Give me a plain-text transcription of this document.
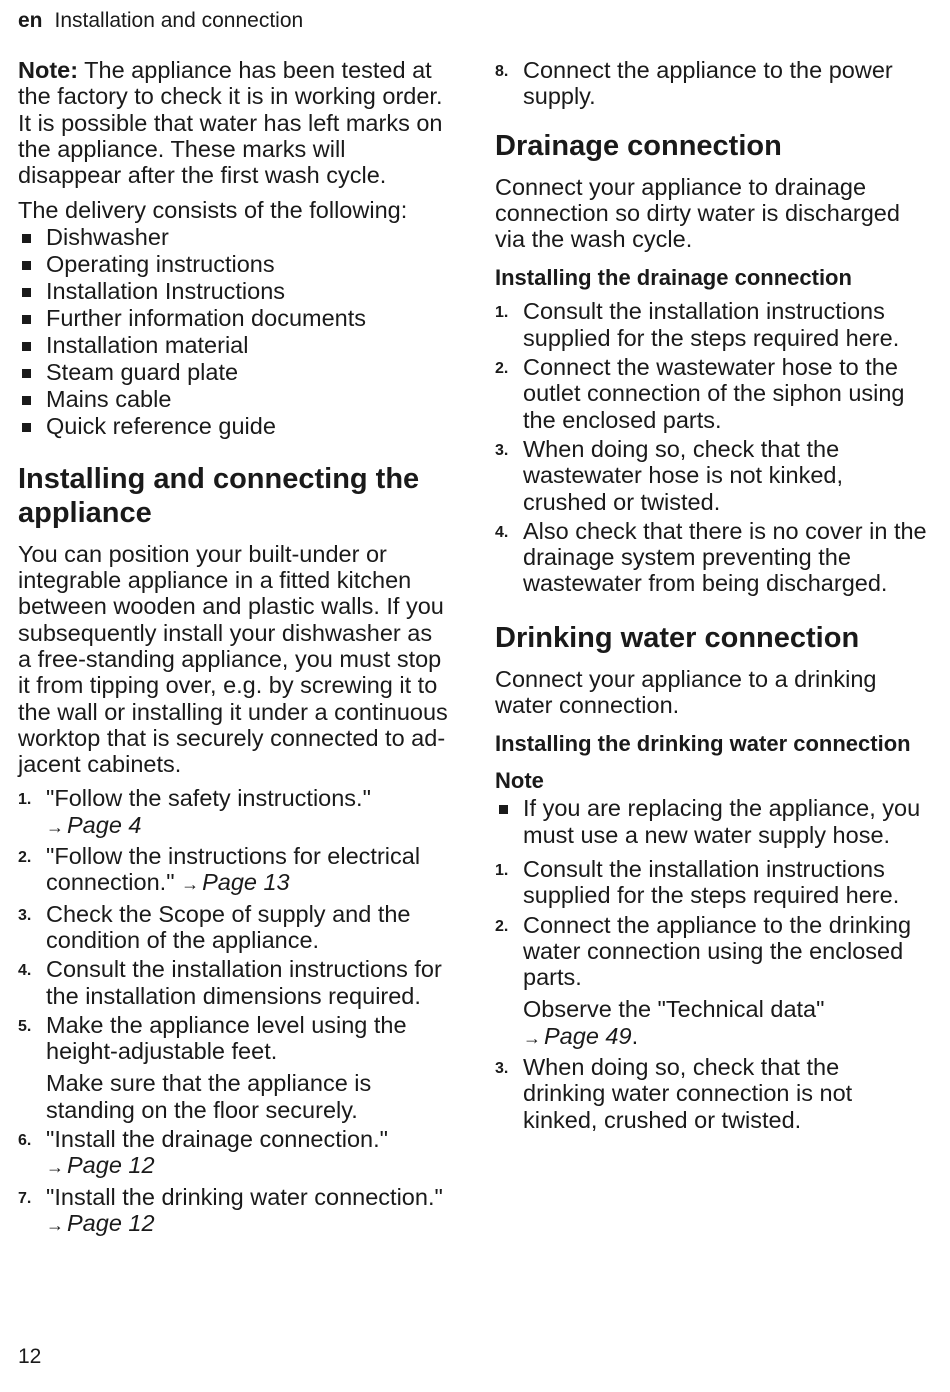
en Installation and connection

Note: The appliance has been tested at the factory to check it is in working order. It is possible that water has left marks on the appliance. These marks will disappear after the first wash cycle.

The delivery consists of the following:

Dishwasher
Operating instructions
Installation Instructions
Further information documents
Installation material
Steam guard plate
Mains cable
Quick reference guide
Installing and connecting the appliance

You can position your built-under or integrable appliance in a fitted kitchen between wooden and plastic walls. If you subsequently install your dishwasher as a free-standing appliance, you must stop it from tipping over, e.g. by screwing it to the wall or installing it under a continuous worktop that is securely connected to adjacent cabinets.

1. "Follow the safety instructions." → Page 4
2. "Follow the instructions for electrical connection." → Page 13
3. Check the Scope of supply and the condition of the appliance.
4. Consult the installation instructions for the installation dimensions required.
5. Make the appliance level using the height-adjustable feet.
Make sure that the appliance is standing on the floor securely.
6. "Install the drainage connection." → Page 12
7. "Install the drinking water connection." → Page 12
8. Connect the appliance to the power supply.
Drainage connection

Connect your appliance to drainage connection so dirty water is discharged via the wash cycle.

Installing the drainage connection
1. Consult the installation instructions supplied for the steps required here.
2. Connect the wastewater hose to the outlet connection of the siphon using the enclosed parts.
3. When doing so, check that the wastewater hose is not kinked, crushed or twisted.
4. Also check that there is no cover in the drainage system preventing the wastewater from being discharged.
Drinking water connection

Connect your appliance to a drinking water connection.

Installing the drinking water connection
Note
If you are replacing the appliance, you must use a new water supply hose.
1. Consult the installation instructions supplied for the steps required here.
2. Connect the appliance to the drinking water connection using the enclosed parts.
Observe the "Technical data" → Page 49.
3. When doing so, check that the drinking water connection is not kinked, crushed or twisted.
12
